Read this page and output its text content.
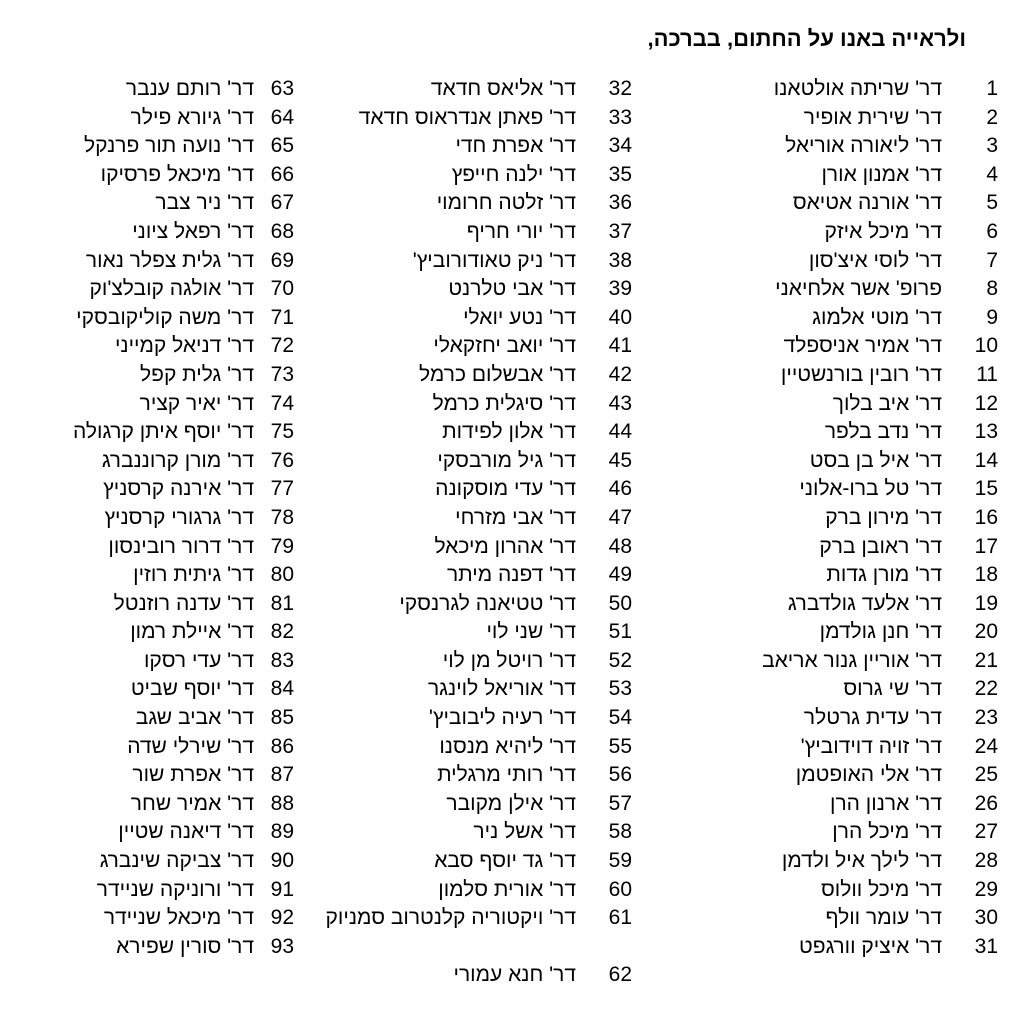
ולראייה באנו על החתום, בברכה,
1
דר' שריתה אולטאנו
2
דר' שירית אופיר
3
דר' ליאורה אוריאל
4
דר' אמנון אורן
5
דר' אורנה אטיאס
6
דר' מיכל איזק
7
דר' לוסי איצ'סון
8
פרופ' אשר אלחיאני
9
דר' מוטי אלמוג
10
דר' אמיר אניספלד
11
דר' רובין בורנשטיין
12
דר' איב בלוך
13
דר' נדב בלפר
14
דר' איל בן בסט
15
דר' טל ברו-אלוני
16
דר' מירון ברק
17
דר' ראובן ברק
18
דר' מורן גדות
19
דר' אלעד גולדברג
20
דר' חנן גולדמן
21
דר' אוריין גנור אריאב
22
דר' שי גרוס
23
דר' עדית גרטלר
24
דר' זויה דוידוביץ'
25
דר' אלי האופטמן
26
דר' ארנון הרן
27
דר' מיכל הרן
28
דר' לילך איל ולדמן
29
דר' מיכל וולוס
30
דר' עומר וולף
31
דר' איציק וורגפט
32
דר' אליאס חדאד
33
דר' פאתן אנדראוס חדאד
34
דר' אפרת חדי
35
דר' ילנה חייפץ
36
דר' זלטה חרומוי
37
דר' יורי חריף
38
דר' ניק טאודורוביץ'
39
דר' אבי טלרנט
40
דר' נטע יואלי
41
דר' יואב יחזקאלי
42
דר' אבשלום כרמל
43
דר' סיגלית כרמל
44
דר' אלון לפידות
45
דר' גיל מורבסקי
46
דר' עדי מוסקונה
47
דר' אבי מזרחי
48
דר' אהרון מיכאל
49
דר' דפנה מיתר
50
דר' טטיאנה לגרנסקי
51
דר' שני לוי
52
דר' רויטל מן לוי
53
דר' אוריאל לוינגר
54
דר' רעיה ליבוביץ'
55
דר' ליהיא מנסנו
56
דר' רותי מרגלית
57
דר' אילן מקובר
58
דר' אשל ניר
59
דר' גד יוסף סבא
60
דר' אורית סלמון
61
דר' ויקטוריה קלנטרוב סמניוק
62
דר' חנא עמורי
63
דר' רותם ענבר
64
דר' גיורא פילר
65
דר' נועה תור פרנקל
66
דר' מיכאל פרסיקו
67
דר' ניר צבר
68
דר' רפאל ציוני
69
דר' גלית צפלר נאור
70
דר' אולגה קובלצ'וק
71
דר' משה קוליקובסקי
72
דר' דניאל קמייני
73
דר' גלית קפל
74
דר' יאיר קציר
75
דר' יוסף איתן קרגולה
76
דר' מורן קרוננברג
77
דר' אירנה קרסניץ
78
דר' גרגורי קרסניץ
79
דר' דרור רובינסון
80
דר' גיתית רוזין
81
דר' עדנה רוזנטל
82
דר' איילת רמון
83
דר' עדי רסקו
84
דר' יוסף שביט
85
דר' אביב שגב
86
דר' שירלי שדה
87
דר' אפרת שור
88
דר' אמיר שחר
89
דר' דיאנה שטיין
90
דר' צביקה שינברג
91
דר' ורוניקה שניידר
92
דר' מיכאל שניידר
93
דר' סורין שפירא
